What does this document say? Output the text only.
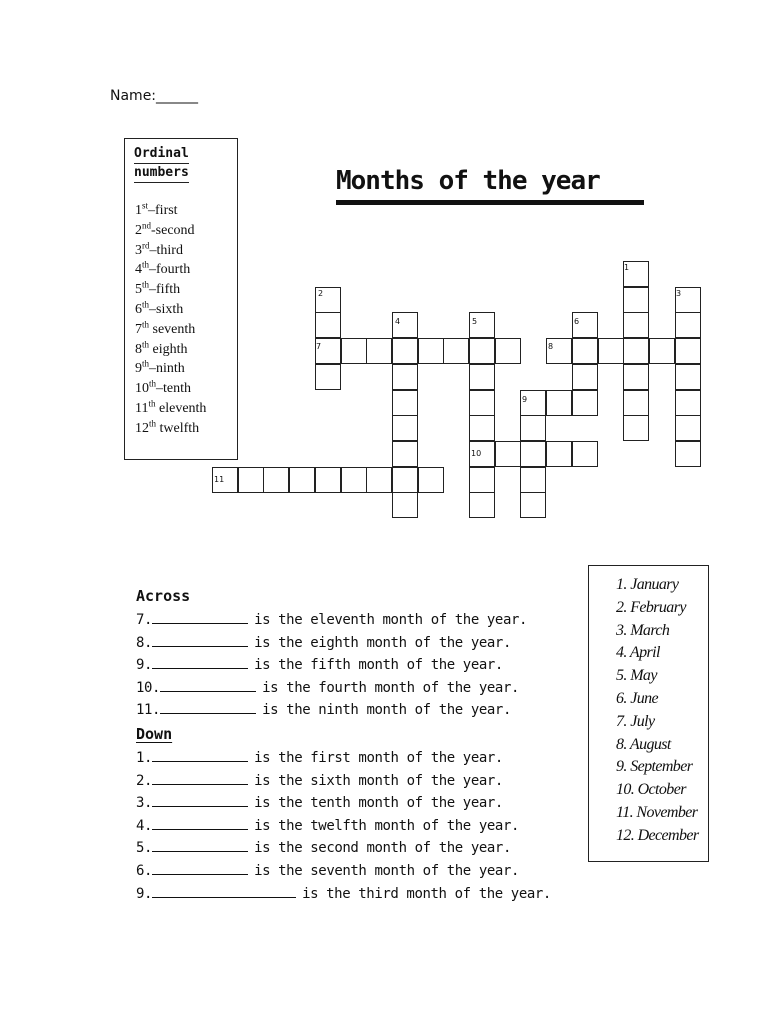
Name:______
Ordinal
numbers
1st–first
2nd-second
3rd–third
4th–fourth
5th–fifth
6th–sixth
7th seventh
8th eighth
9th–ninth
10th–tenth
11th eleventh
12th twelfth
Months of the year
1
2	3
4	5	6
7	8
9
10
11
Across
7.	is the eleventh month of the year.
8.	is the eighth month of the year.
9.	is the fifth month of the year.
10.	is the fourth month of the year.
11.	is the ninth month of the year.
Down
1.	is the first month of the year.
2.	is the sixth month of the year.
3.	is the tenth month of the year.
4.	is the twelfth month of the year.
5.	is the second month of the year.
6.	is the seventh month of the year.
9.	is the third month of the year.
1. January
2. February
3. March
4. April
5. May
6. June
7. July
8. August
9. September
10. October
11. November
12. December
